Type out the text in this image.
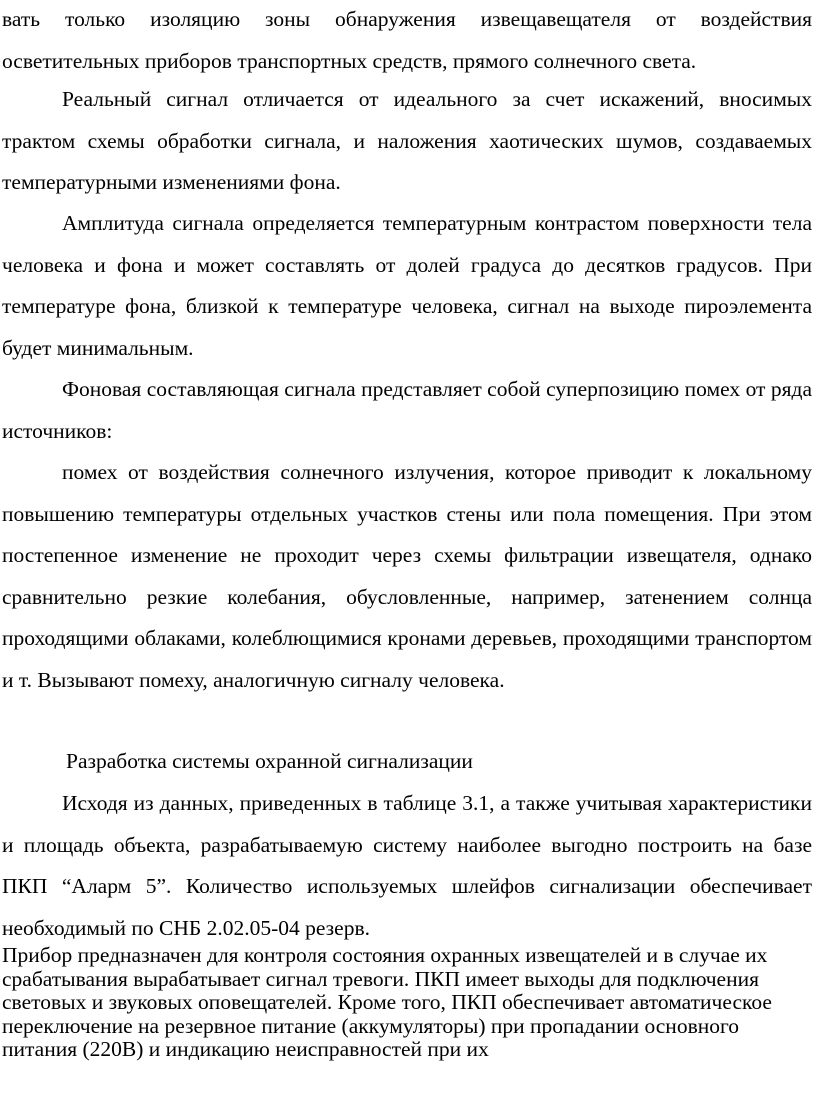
вать только изоляцию зоны обнаружения извещавещателя от воздействия осветительных приборов транспортных средств, прямого солнечного света.

Реальный сигнал отличается от идеального за счет искажений, вносимых трактом схемы обработки сигнала, и наложения хаотических шумов, создаваемых температурными изменениями фона.

Амплитуда сигнала определяется температурным контрастом поверхности тела человека и фона и может составлять от долей градуса до десятков градусов. При температуре фона, близкой к температуре человека, сигнал на выходе пироэлемента будет минимальным.

Фоновая составляющая сигнала представляет собой суперпозицию помех от ряда источников:

помех от воздействия солнечного излучения, которое приводит к локальному повышению температуры отдельных участков стены или пола помещения. При этом постепенное изменение не проходит через схемы фильтрации извещателя, однако сравнительно резкие колебания, обусловленные, например, затенением солнца проходящими облаками, колеблющимися кронами деревьев, проходящими транспортом и т. Вызывают помеху, аналогичную сигналу человека.

Разработка системы охранной сигнализации

Исходя из данных, приведенных в таблице 3.1, а также учитывая характеристики и площадь объекта, разрабатываемую систему наиболее выгодно построить на базе ПКП “Аларм 5”. Количество используемых шлейфов сигнализации обеспечивает необходимый по СНБ 2.02.05-04 резерв.

Прибор предназначен для контроля состояния охранных извещателей и в случае их срабатывания вырабатывает сигнал тревоги. ПКП имеет выходы для подключения световых и звуковых оповещателей. Кроме того, ПКП обеспечивает автоматическое переключение на резервное питание (аккумуляторы) при пропадании основного питания (220В) и индикацию неисправностей при их
